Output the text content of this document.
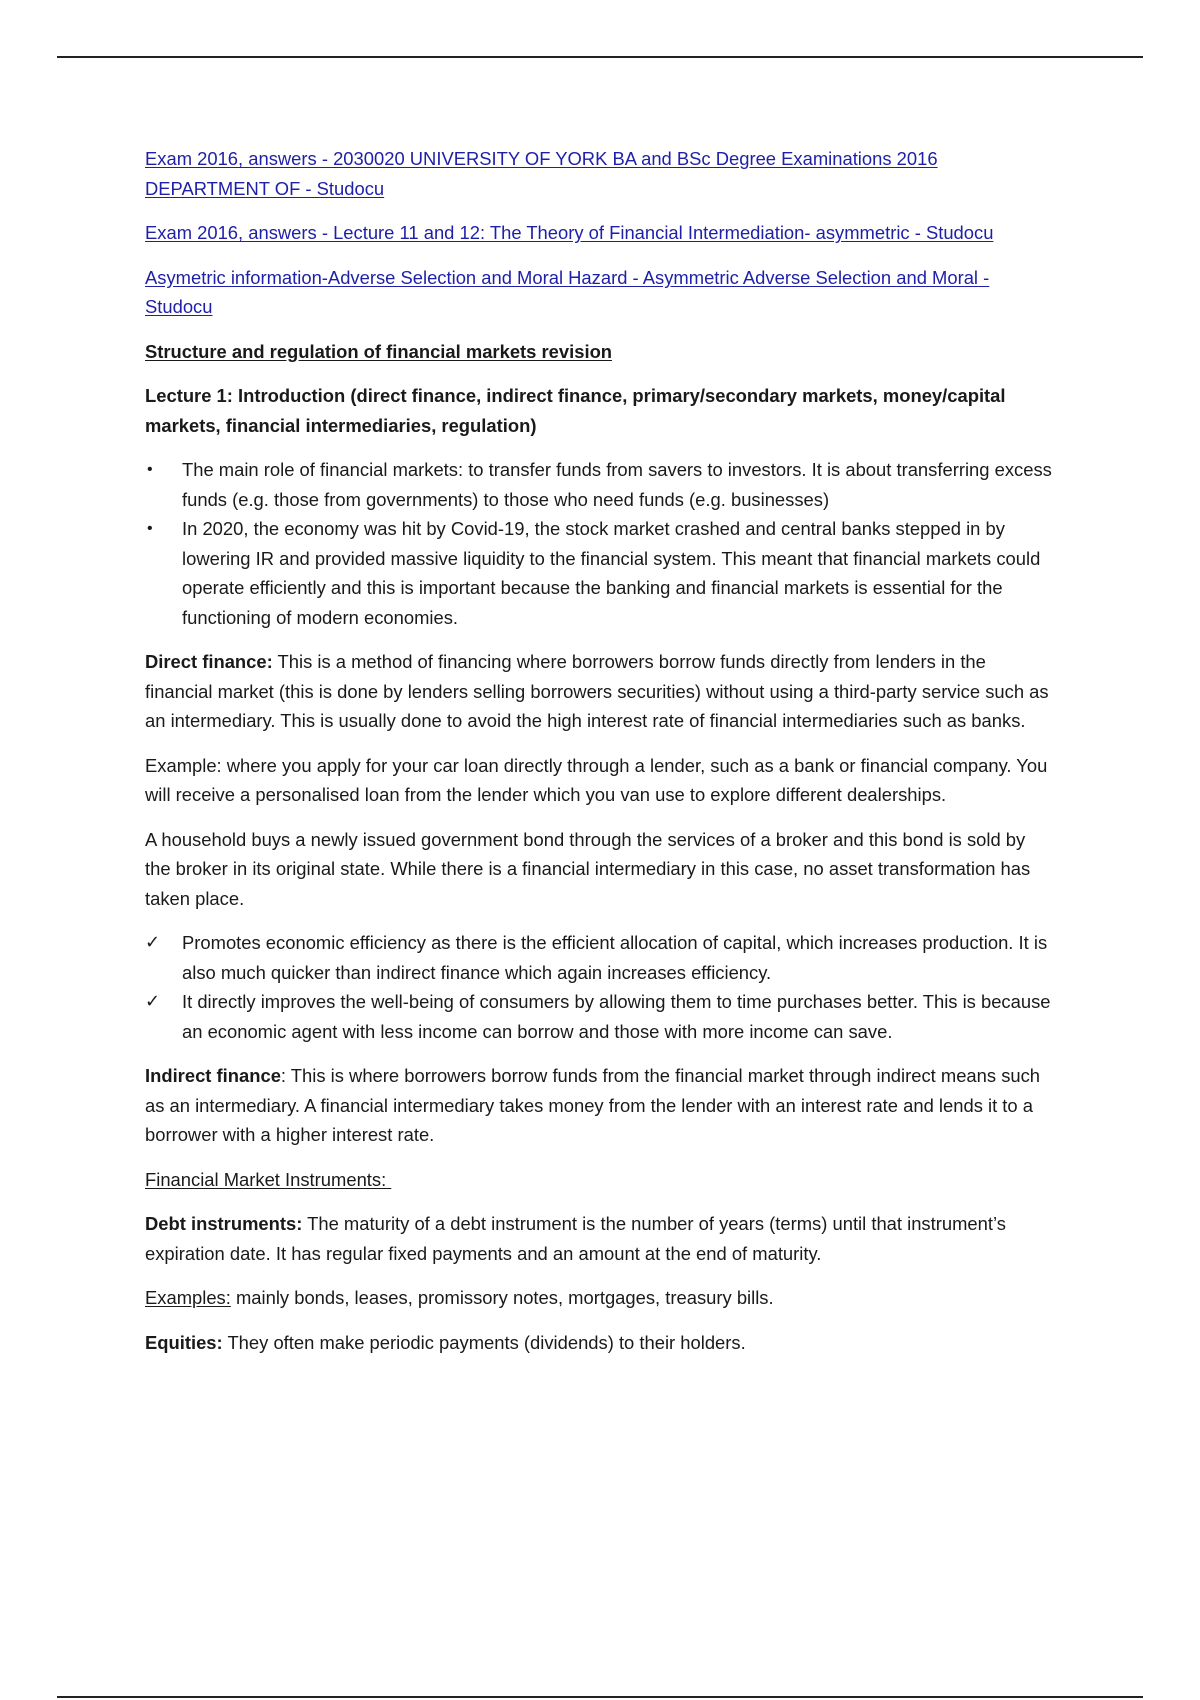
Exam 2016, answers - 2030020 UNIVERSITY OF YORK BA and BSc Degree Examinations 2016 DEPARTMENT OF - Studocu
Exam 2016, answers - Lecture 11 and 12: The Theory of Financial Intermediation- asymmetric - Studocu
Asymetric information-Adverse Selection and Moral Hazard - Asymmetric Adverse Selection and Moral - Studocu
Structure and regulation of financial markets revision
Lecture 1: Introduction (direct finance, indirect finance, primary/secondary markets, money/capital markets, financial intermediaries, regulation)
•	The main role of financial markets: to transfer funds from savers to investors. It is about transferring excess funds (e.g. those from governments) to those who need funds (e.g. businesses)
•	In 2020, the economy was hit by Covid-19, the stock market crashed and central banks stepped in by lowering IR and provided massive liquidity to the financial system. This meant that financial markets could operate efficiently and this is important because the banking and financial markets is essential for the functioning of modern economies.

Direct finance: This is a method of financing where borrowers borrow funds directly from lenders in the financial market (this is done by lenders selling borrowers securities) without using a third-party service such as an intermediary. This is usually done to avoid the high interest rate of financial intermediaries such as banks.

Example: where you apply for your car loan directly through a lender, such as a bank or financial company. You will receive a personalised loan from the lender which you van use to explore different dealerships.

A household buys a newly issued government bond through the services of a broker and this bond is sold by the broker in its original state. While there is a financial intermediary in this case, no asset transformation has taken place.

✓	Promotes economic efficiency as there is the efficient allocation of capital, which increases production. It is also much quicker than indirect finance which again increases efficiency.
✓	It directly improves the well-being of consumers by allowing them to time purchases better. This is because an economic agent with less income can borrow and those with more income can save.

Indirect finance: This is where borrowers borrow funds from the financial market through indirect means such as an intermediary. A financial intermediary takes money from the lender with an interest rate and lends it to a borrower with a higher interest rate.

Financial Market Instruments:

Debt instruments: The maturity of a debt instrument is the number of years (terms) until that instrument’s expiration date. It has regular fixed payments and an amount at the end of maturity.

Examples: mainly bonds, leases, promissory notes, mortgages, treasury bills.

Equities: They often make periodic payments (dividends) to their holders.
